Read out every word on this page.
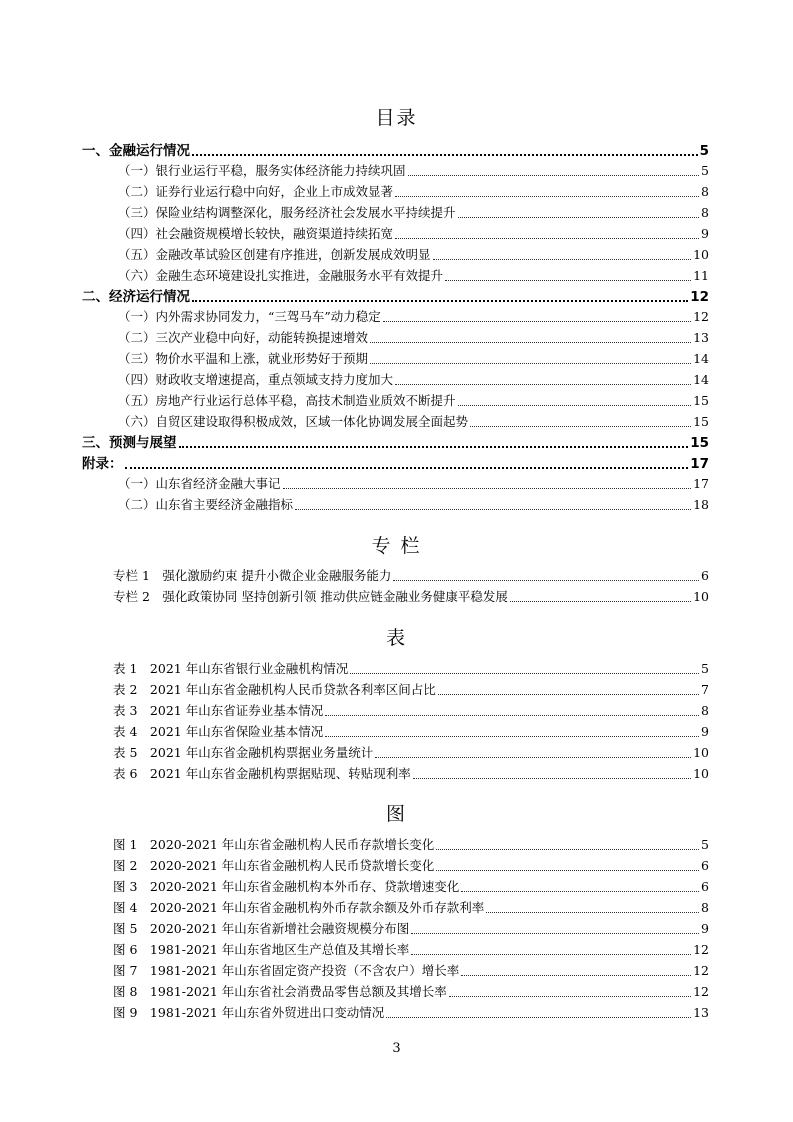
目录
一、金融运行情况	5
（一）银行业运行平稳，服务实体经济能力持续巩固	5
（二）证券行业运行稳中向好，企业上市成效显著	8
（三）保险业结构调整深化，服务经济社会发展水平持续提升	8
（四）社会融资规模增长较快，融资渠道持续拓宽	9
（五）金融改革试验区创建有序推进，创新发展成效明显	10
（六）金融生态环境建设扎实推进，金融服务水平有效提升	11
二、经济运行情况	12
（一）内外需求协同发力，“三驾马车”动力稳定	12
（二）三次产业稳中向好，动能转换提速增效	13
（三）物价水平温和上涨，就业形势好于预期	14
（四）财政收支增速提高，重点领域支持力度加大	14
（五）房地产行业运行总体平稳，高技术制造业质效不断提升	15
（六）自贸区建设取得积极成效，区域一体化协调发展全面起势	15
三、预测与展望	15
附录：	17
（一）山东省经济金融大事记	17
（二）山东省主要经济金融指标	18
专 栏
专栏 1　强化激励约束 提升小微企业金融服务能力	6
专栏 2　强化政策协同 坚持创新引领 推动供应链金融业务健康平稳发展	10
表
表 1　2021 年山东省银行业金融机构情况	5
表 2　2021 年山东省金融机构人民币贷款各利率区间占比	7
表 3　2021 年山东省证券业基本情况	8
表 4　2021 年山东省保险业基本情况	9
表 5　2021 年山东省金融机构票据业务量统计	10
表 6　2021 年山东省金融机构票据贴现、转贴现利率	10
图
图 1　2020-2021 年山东省金融机构人民币存款增长变化	5
图 2　2020-2021 年山东省金融机构人民币贷款增长变化	6
图 3　2020-2021 年山东省金融机构本外币存、贷款增速变化	6
图 4　2020-2021 年山东省金融机构外币存款余额及外币存款利率	8
图 5　2020-2021 年山东省新增社会融资规模分布图	9
图 6　1981-2021 年山东省地区生产总值及其增长率	12
图 7　1981-2021 年山东省固定资产投资（不含农户）增长率	12
图 8　1981-2021 年山东省社会消费品零售总额及其增长率	12
图 9　1981-2021 年山东省外贸进出口变动情况	13
3
